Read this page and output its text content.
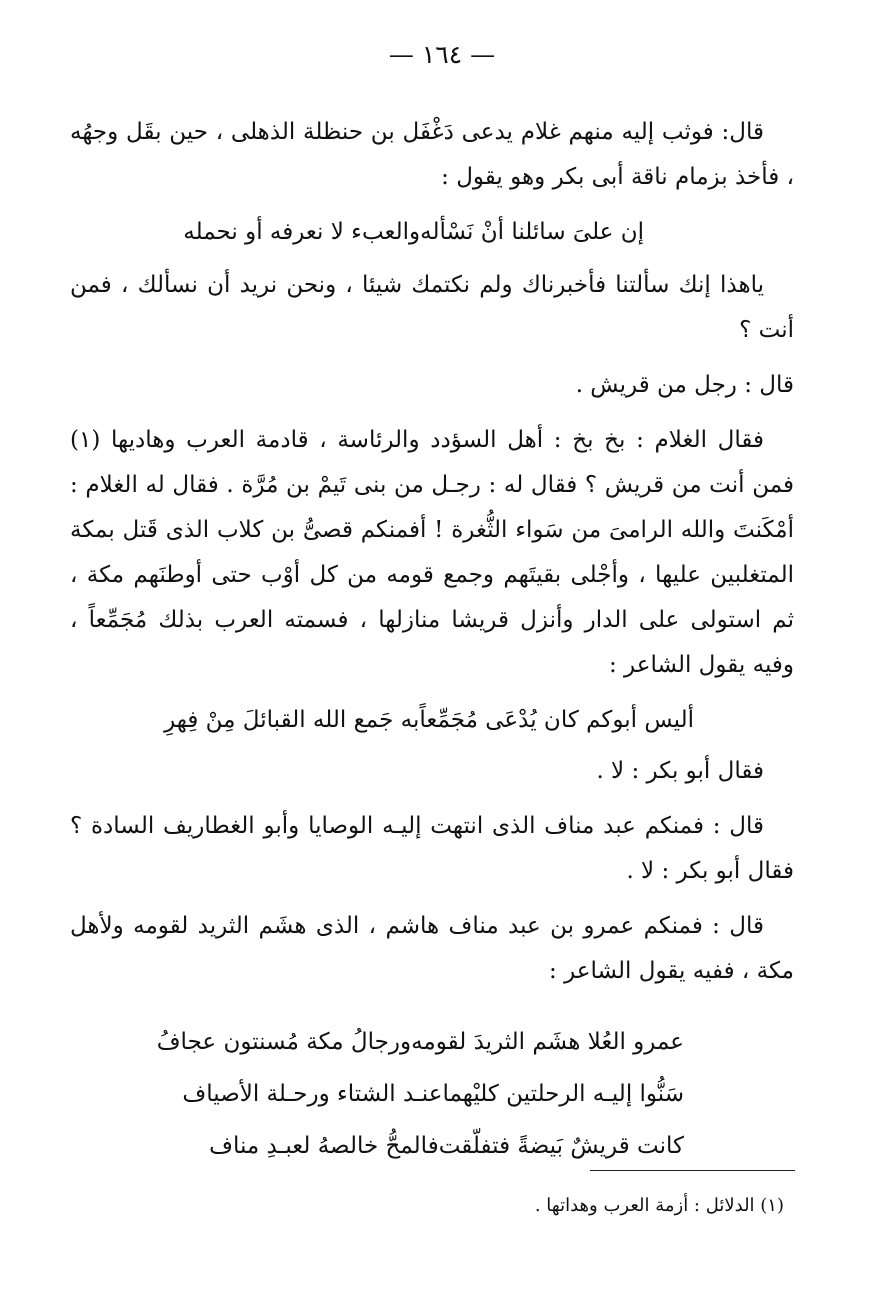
— ١٦٤ —

قال: فوثب إليه منهم غلام يدعى دَغْفَل بن حنظلة الذهلى ، حين بقَل وجهُه ، فأخذ بزمام ناقة أبى بكر وهو يقول :

إن علىَ سائلنا أنْ نَسْأله
والعبء لا نعرفه أو نحمله

ياهذا إنك سألتنا فأخبرناك ولم نكتمك شيئا ، ونحن نريد أن نسألك ، فمن أنت ؟

قال : رجل من قريش .

فقال الغلام : بخ بخ : أهل السؤدد والرئاسة ، قادمة العرب وهاديها (١) فمن أنت من قريش ؟ فقال له : رجـل من بنى تَيمْ بن مُرَّة . فقال له الغلام : أمْكَنتَ والله الرامىَ من سَواء الثُّغرة ! أفمنكم قصىُّ بن كلاب الذى قَتل بمكة المتغلبين عليها ، وأجْلى بقيتَهم وجمع قومه من كل أوْب حتى أوطنَهم مكة ، ثم استولى على الدار وأنزل قريشا منازلها ، فسمته العرب بذلك مُجَمِّعاً ، وفيه يقول الشاعر :

أليس أبوكم كان يُدْعَى مُجَمِّعاً
به جَمع الله القبائلَ مِنْ فِهرِ

فقال أبو بكر : لا .

قال : فمنكم عبد مناف الذى انتهت إليـه الوصايا وأبو الغطاريف السادة ؟ فقال أبو بكر : لا .

قال : فمنكم عمرو بن عبد مناف هاشم ، الذى هشَم الثريد لقومه ولأهل مكة ، ففيه يقول الشاعر :

عمرو العُلا هشَم الثريدَ لقومه
ورجالُ مكة مُسنتون عجافُ
سَنُّوا إليـه الرحلتين كليْهما
عنـد الشتاء ورحـلة الأصياف
كانت قريشٌ بَيضةً فتفلّقت
فالمحُّ خالصهُ لعبـدِ مناف
(١) الدلائل : أزمة العرب وهداتها .
